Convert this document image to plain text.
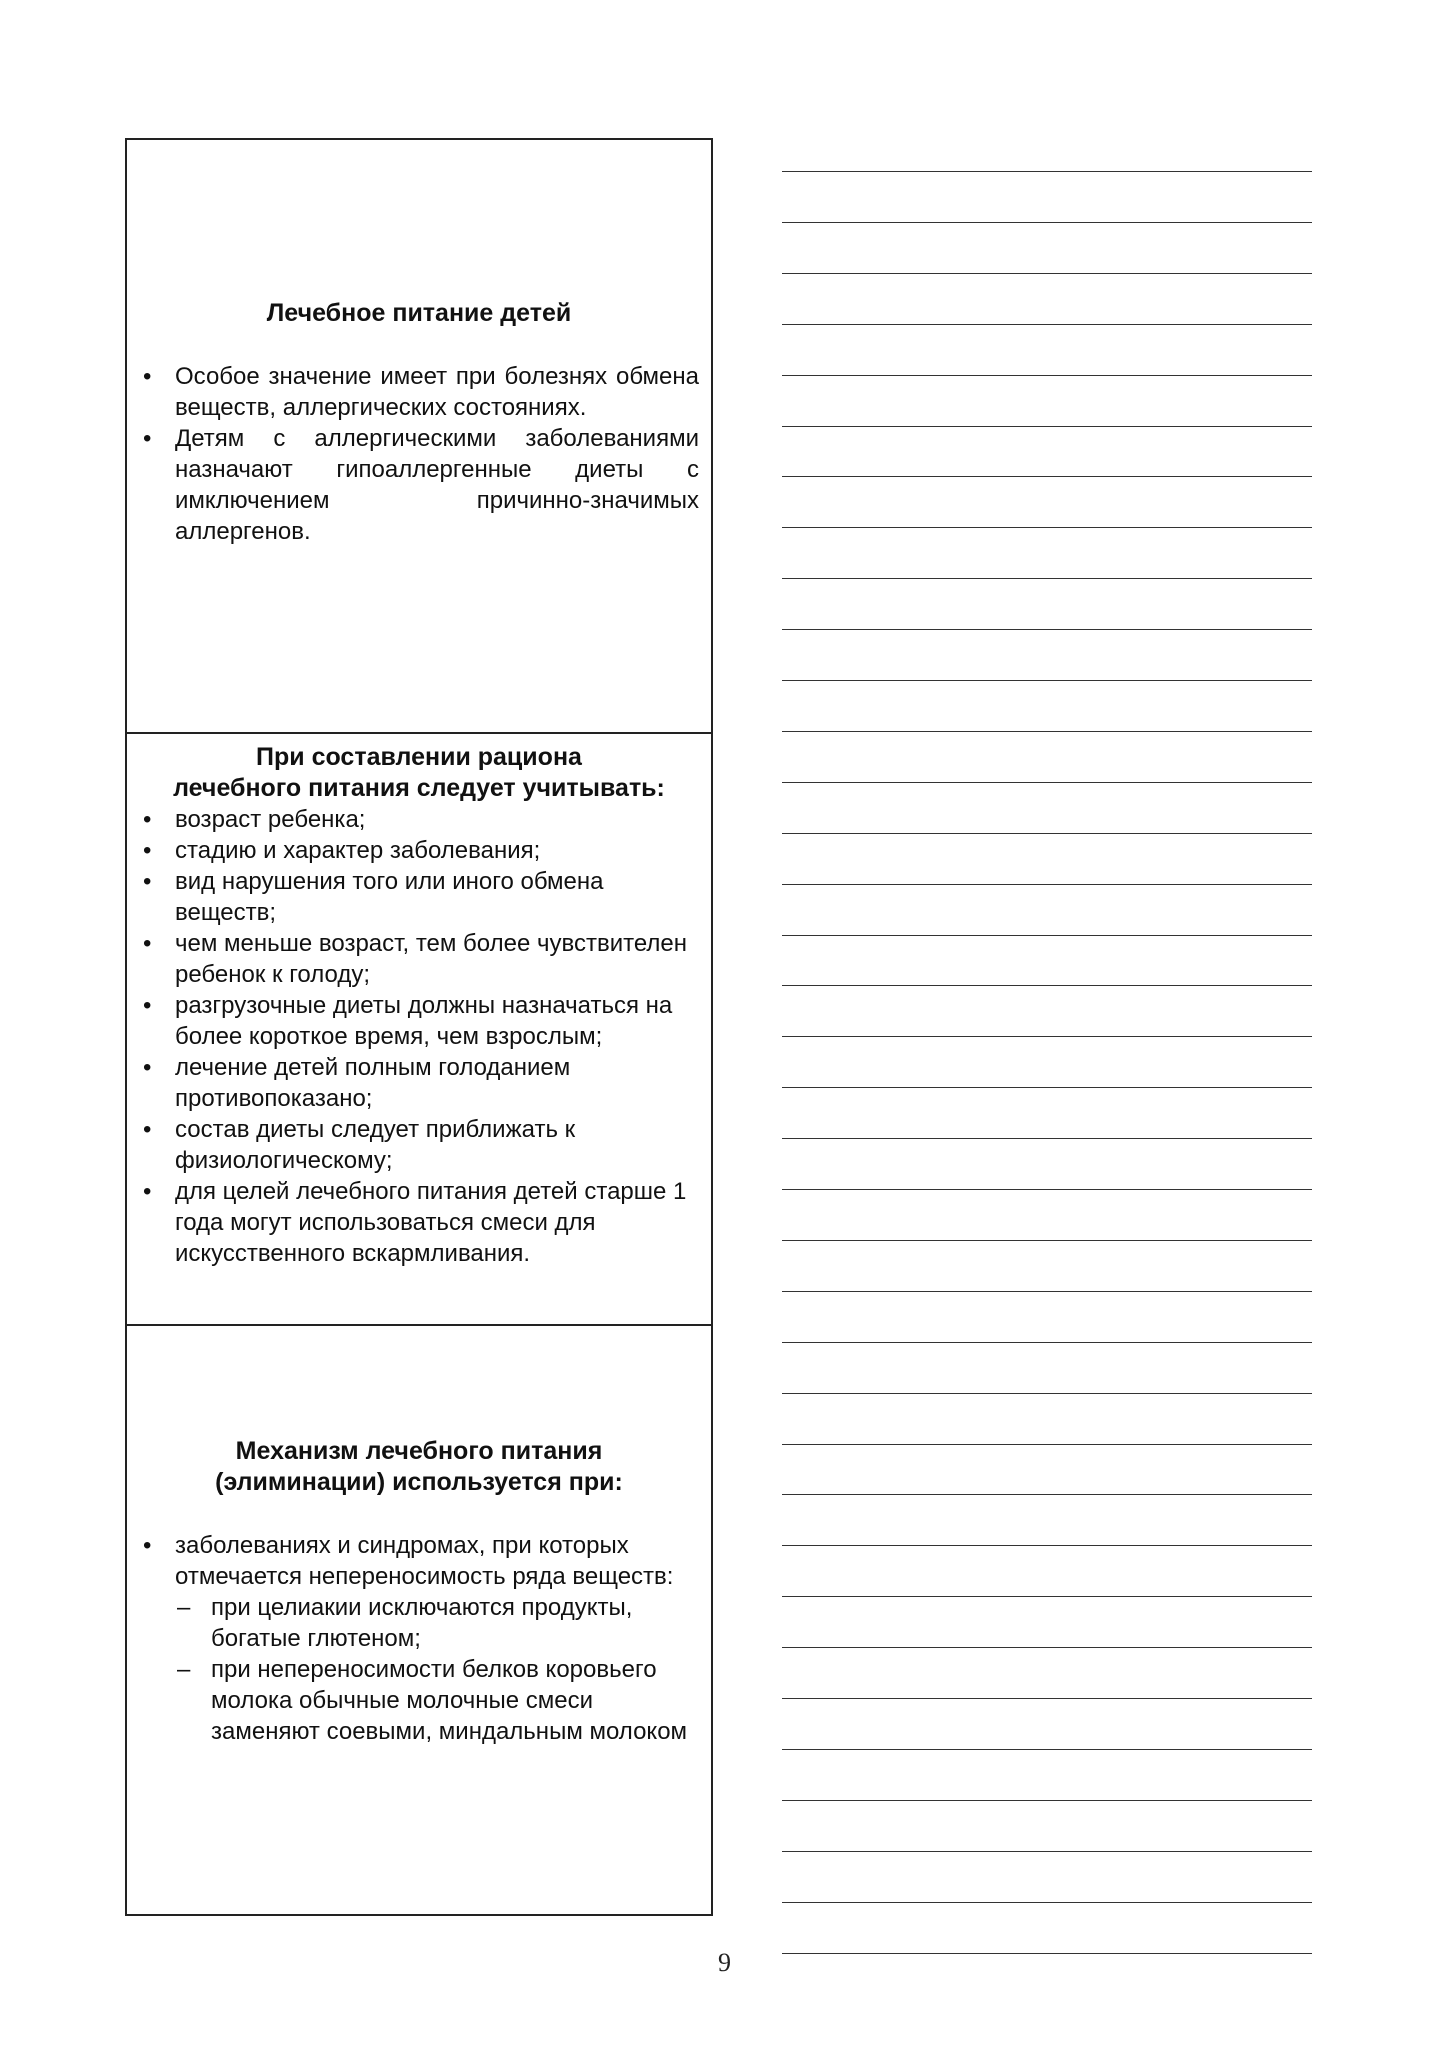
Лечебное питание детей

• Особое значение имеет при болезнях обмена веществ, аллергических состояниях.
• Детям с аллергическими заболеваниями назначают гипоаллергенные диеты с имключением причинно-значимых аллергенов.

При составлении рациона
лечебного питания следует учитывать:

• возраст ребенка;
• стадию и характер заболевания;
• вид нарушения того или иного обмена веществ;
• чем меньше возраст, тем более чувствителен ребенок к голоду;
• разгрузочные диеты должны назначаться на более короткое время, чем взрослым;
• лечение детей полным голоданием противопоказано;
• состав диеты следует приближать к физиологическому;
• для целей лечебного питания детей старше 1 года могут использоваться смеси для искусственного вскармливания.

Механизм лечебного питания
(элиминации) используется при:

• заболеваниях и синдромах, при которых отмечается непереносимость ряда веществ:
– при целиакии исключаются продукты, богатые глютеном;
– при непереносимости белков коровьего молока обычные молочные смеси заменяют соевыми, миндальным молоком
9
